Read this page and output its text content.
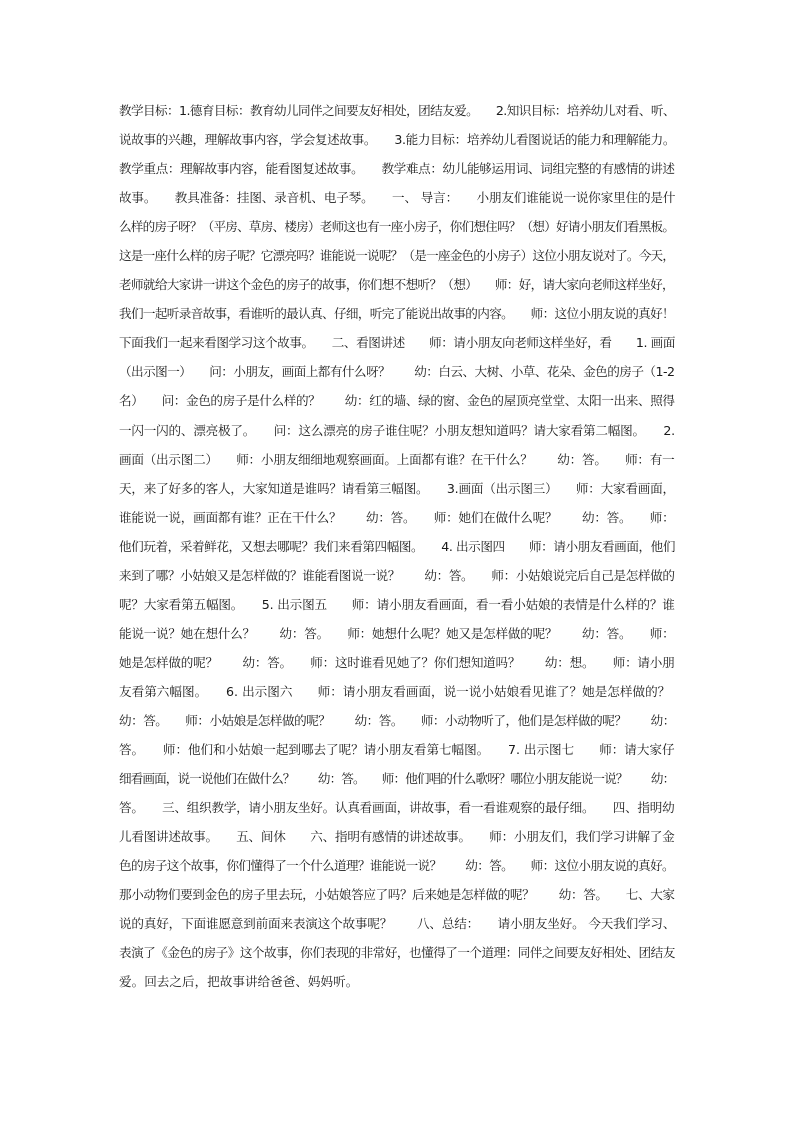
教学目标：1.德育目标：教育幼儿同伴之间要友好相处，团结友爱。　　2.知识目标：培养幼儿对看、听、
说故事的兴趣，理解故事内容，学会复述故事。　　3.能力目标：培养幼儿看图说话的能力和理解能力。
教学重点：理解故事内容，能看图复述故事。　　教学难点：幼儿能够运用词、词组完整的有感情的讲述
故事。　　教具准备：挂图、录音机、电子琴。　　一、 导言：　　小朋友们谁能说一说你家里住的是什
么样的房子呀？（平房、草房、楼房）老师这也有一座小房子，你们想住吗？（想）好请小朋友们看黑板。
这是一座什么样的房子呢？它漂亮吗？谁能说一说呢？（是一座金色的小房子）这位小朋友说对了。今天，
老师就给大家讲一讲这个金色的房子的故事，你们想不想听？（想）　　师：好，请大家向老师这样坐好，
我们一起听录音故事，看谁听的最认真、仔细，听完了能说出故事的内容。　　师：这位小朋友说的真好！
下面我们一起来看图学习这个故事。　　二、看图讲述　　师：请小朋友向老师这样坐好，看　　1. 画面
（出示图一）　　问：小朋友，画面上都有什么呀？　　幼：白云、大树、小草、花朵、金色的房子（1-2
名）　　问：金色的房子是什么样的？　　幼：红的墙、绿的窗、金色的屋顶亮堂堂、太阳一出来、照得
一闪一闪的、漂亮极了。　　问：这么漂亮的房子谁住呢？小朋友想知道吗？请大家看第二幅图。　　2.
画面（出示图二）　　师：小朋友细细地观察画面。上面都有谁？在干什么？　　幼：答。　　师：有一
天，来了好多的客人，大家知道是谁吗？请看第三幅图。　　3.画面（出示图三）　　师：大家看画面，
谁能说一说，画面都有谁？正在干什么？　　幼：答。　　师：她们在做什么呢？　　幼：答。　　师：
他们玩着，采着鲜花，又想去哪呢？我们来看第四幅图。　　4. 出示图四　　师：请小朋友看画面，他们
来到了哪？小姑娘又是怎样做的？谁能看图说一说？　　幼：答。　　师：小姑娘说完后自己是怎样做的
呢？大家看第五幅图。　　5. 出示图五　　师：请小朋友看画面，看一看小姑娘的表情是什么样的？谁
能说一说？她在想什么？　　幼：答。　　师：她想什么呢？她又是怎样做的呢？　　幼：答。　　师：
她是怎样做的呢？　　幼：答。　　师：这时谁看见她了？你们想知道吗？　　幼：想。　　师：请小朋
友看第六幅图。　　6. 出示图六　　师：请小朋友看画面，说一说小姑娘看见谁了？她是怎样做的？
幼：答。　　师：小姑娘是怎样做的呢？　　幼：答。　　师：小动物听了，他们是怎样做的呢？　　幼：
答。　　师：他们和小姑娘一起到哪去了呢？请小朋友看第七幅图。　　7. 出示图七　　师：请大家仔
细看画面，说一说他们在做什么？　　幼：答。　　师：他们唱的什么歌呀？哪位小朋友能说一说？　　幼：
答。　　三、组织教学，请小朋友坐好。认真看画面，讲故事，看一看谁观察的最仔细。　　四、指明幼
儿看图讲述故事。　　五、间休　　六、指明有感情的讲述故事。　　师：小朋友们，我们学习讲解了金
色的房子这个故事，你们懂得了一个什么道理？谁能说一说？　　幼：答。　　师：这位小朋友说的真好。
那小动物们要到金色的房子里去玩，小姑娘答应了吗？后来她是怎样做的呢？　　幼：答。　　七、大家
说的真好，下面谁愿意到前面来表演这个故事呢？　　八、总结：　　请小朋友坐好。 今天我们学习、
表演了《金色的房子》这个故事，你们表现的非常好，也懂得了一个道理：同伴之间要友好相处、团结友
爱。回去之后，把故事讲给爸爸、妈妈听。
